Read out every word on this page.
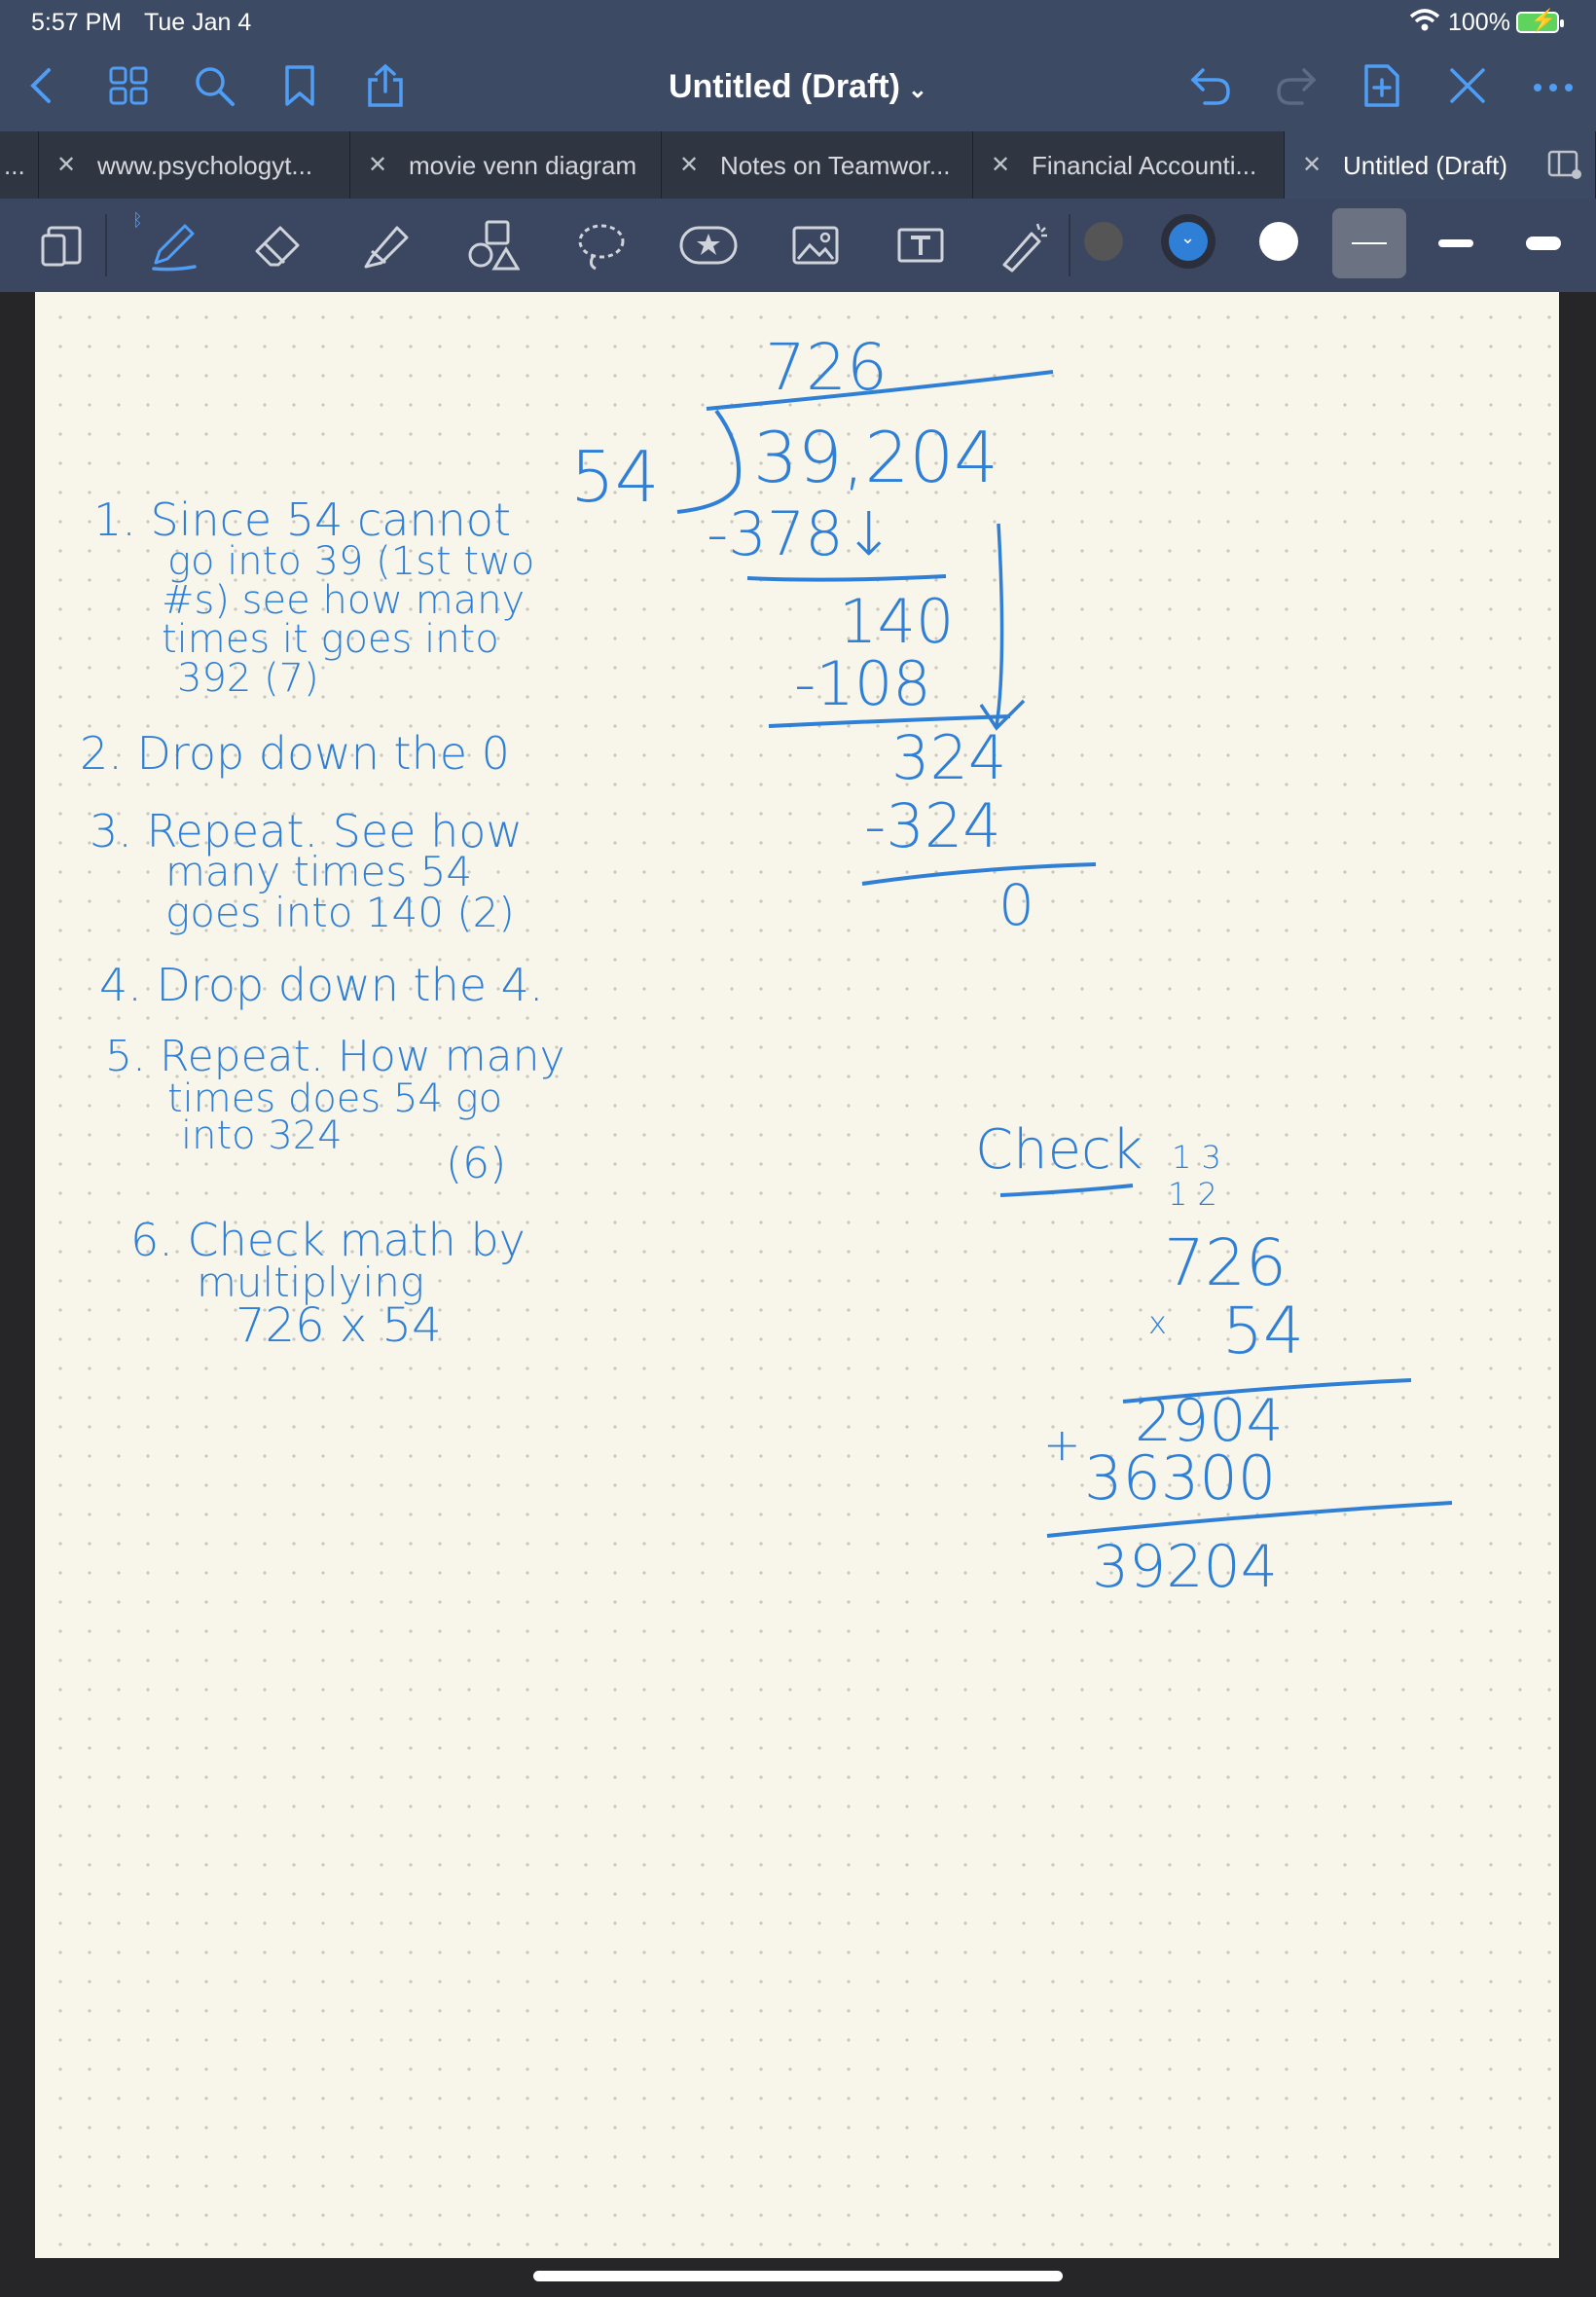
5:57 PM Tue Jan 4	100% ⚡
Untitled (Draft) ⌄
... ✕ www.psychologyt... ✕ movie venn diagram ✕ Notes on Teamwor... ✕ Financial Accounti... ✕ Untitled (Draft)
ᛒ
⌄
726
54 39,204
-378↓
140
-108
324
-324
0
1. Since 54 cannot
go into 39 (1st two
#s) see how many
times it goes into
392 (7)
2. Drop down the 0
3. Repeat. See how
many times 54
goes into 140 (2)
4. Drop down the 4.
5. Repeat. How many
times does 54 go
into 324
(6)
6. Check math by
multiplying
726 x 54
Check 1 3
1 2
726
x 54
+ 2904
36300
39204
